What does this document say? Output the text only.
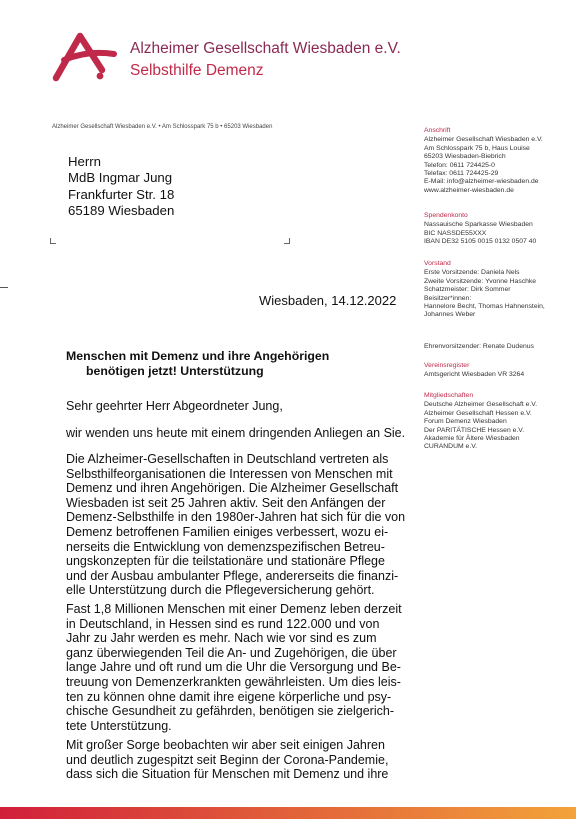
Alzheimer Gesellschaft Wiesbaden e.V.
Selbsthilfe Demenz
Alzheimer Gesellschaft Wiesbaden e.V. • Am Schlosspark 75 b • 65203 Wiesbaden
Herrn
MdB Ingmar Jung
Frankfurter Str. 18
65189 Wiesbaden
Anschrift
Alzheimer Gesellschaft Wiesbaden e.V.
Am Schlosspark 75 b, Haus Louise
65203 Wiesbaden-Biebrich
Telefon: 0611 724425-0
Telefax: 0611 724425-29
E-Mail: info@alzheimer-wiesbaden.de
www.alzheimer-wiesbaden.de
Spendenkonto
Nassauische Sparkasse Wiesbaden
BIC NASSDE55XXX
IBAN DE32 5105 0015 0132 0507 40
Vorstand
Erste Vorsitzende: Daniela Nels
Zweite Vorsitzende: Yvonne Haschke
Schatzmeister: Dirk Sommer
Beisitzer*innen:
Hannelore Becht, Thomas Hahnenstein,
Johannes Weber
Ehrenvorsitzender: Renate Dudenus
Vereinsregister
Amtsgericht Wiesbaden VR 3264
Mitgliedschaften
Deutsche Alzheimer Gesellschaft e.V.
Alzheimer Gesellschaft Hessen e.V.
Forum Demenz Wiesbaden
Der PARITÄTISCHE Hessen e.V.
Akademie für Ältere Wiesbaden
CURANDUM e.V.
Wiesbaden, 14.12.2022
Menschen mit Demenz und ihre Angehörigen
benötigen jetzt! Unterstützung
Sehr geehrter Herr Abgeordneter Jung,
wir wenden uns heute mit einem dringenden Anliegen an Sie.
Die Alzheimer-Gesellschaften in Deutschland vertreten als
Selbsthilfeorganisationen die Interessen von Menschen mit
Demenz und ihren Angehörigen. Die Alzheimer Gesellschaft
Wiesbaden ist seit 25 Jahren aktiv. Seit den Anfängen der
Demenz-Selbsthilfe in den 1980er-Jahren hat sich für die von
Demenz betroffenen Familien einiges verbessert, wozu ei-
nerseits die Entwicklung von demenzspezifischen Betreu-
ungskonzepten für die teilstationäre und stationäre Pflege
und der Ausbau ambulanter Pflege, andererseits die finanzi-
elle Unterstützung durch die Pflegeversicherung gehört.
Fast 1,8 Millionen Menschen mit einer Demenz leben derzeit
in Deutschland, in Hessen sind es rund 122.000 und von
Jahr zu Jahr werden es mehr. Nach wie vor sind es zum
ganz überwiegenden Teil die An- und Zugehörigen, die über
lange Jahre und oft rund um die Uhr die Versorgung und Be-
treuung von Demenzerkrankten gewährleisten. Um dies leis-
ten zu können ohne damit ihre eigene körperliche und psy-
chische Gesundheit zu gefährden, benötigen sie zielgerich-
tete Unterstützung.
Mit großer Sorge beobachten wir aber seit einigen Jahren
und deutlich zugespitzt seit Beginn der Corona-Pandemie,
dass sich die Situation für Menschen mit Demenz und ihre
